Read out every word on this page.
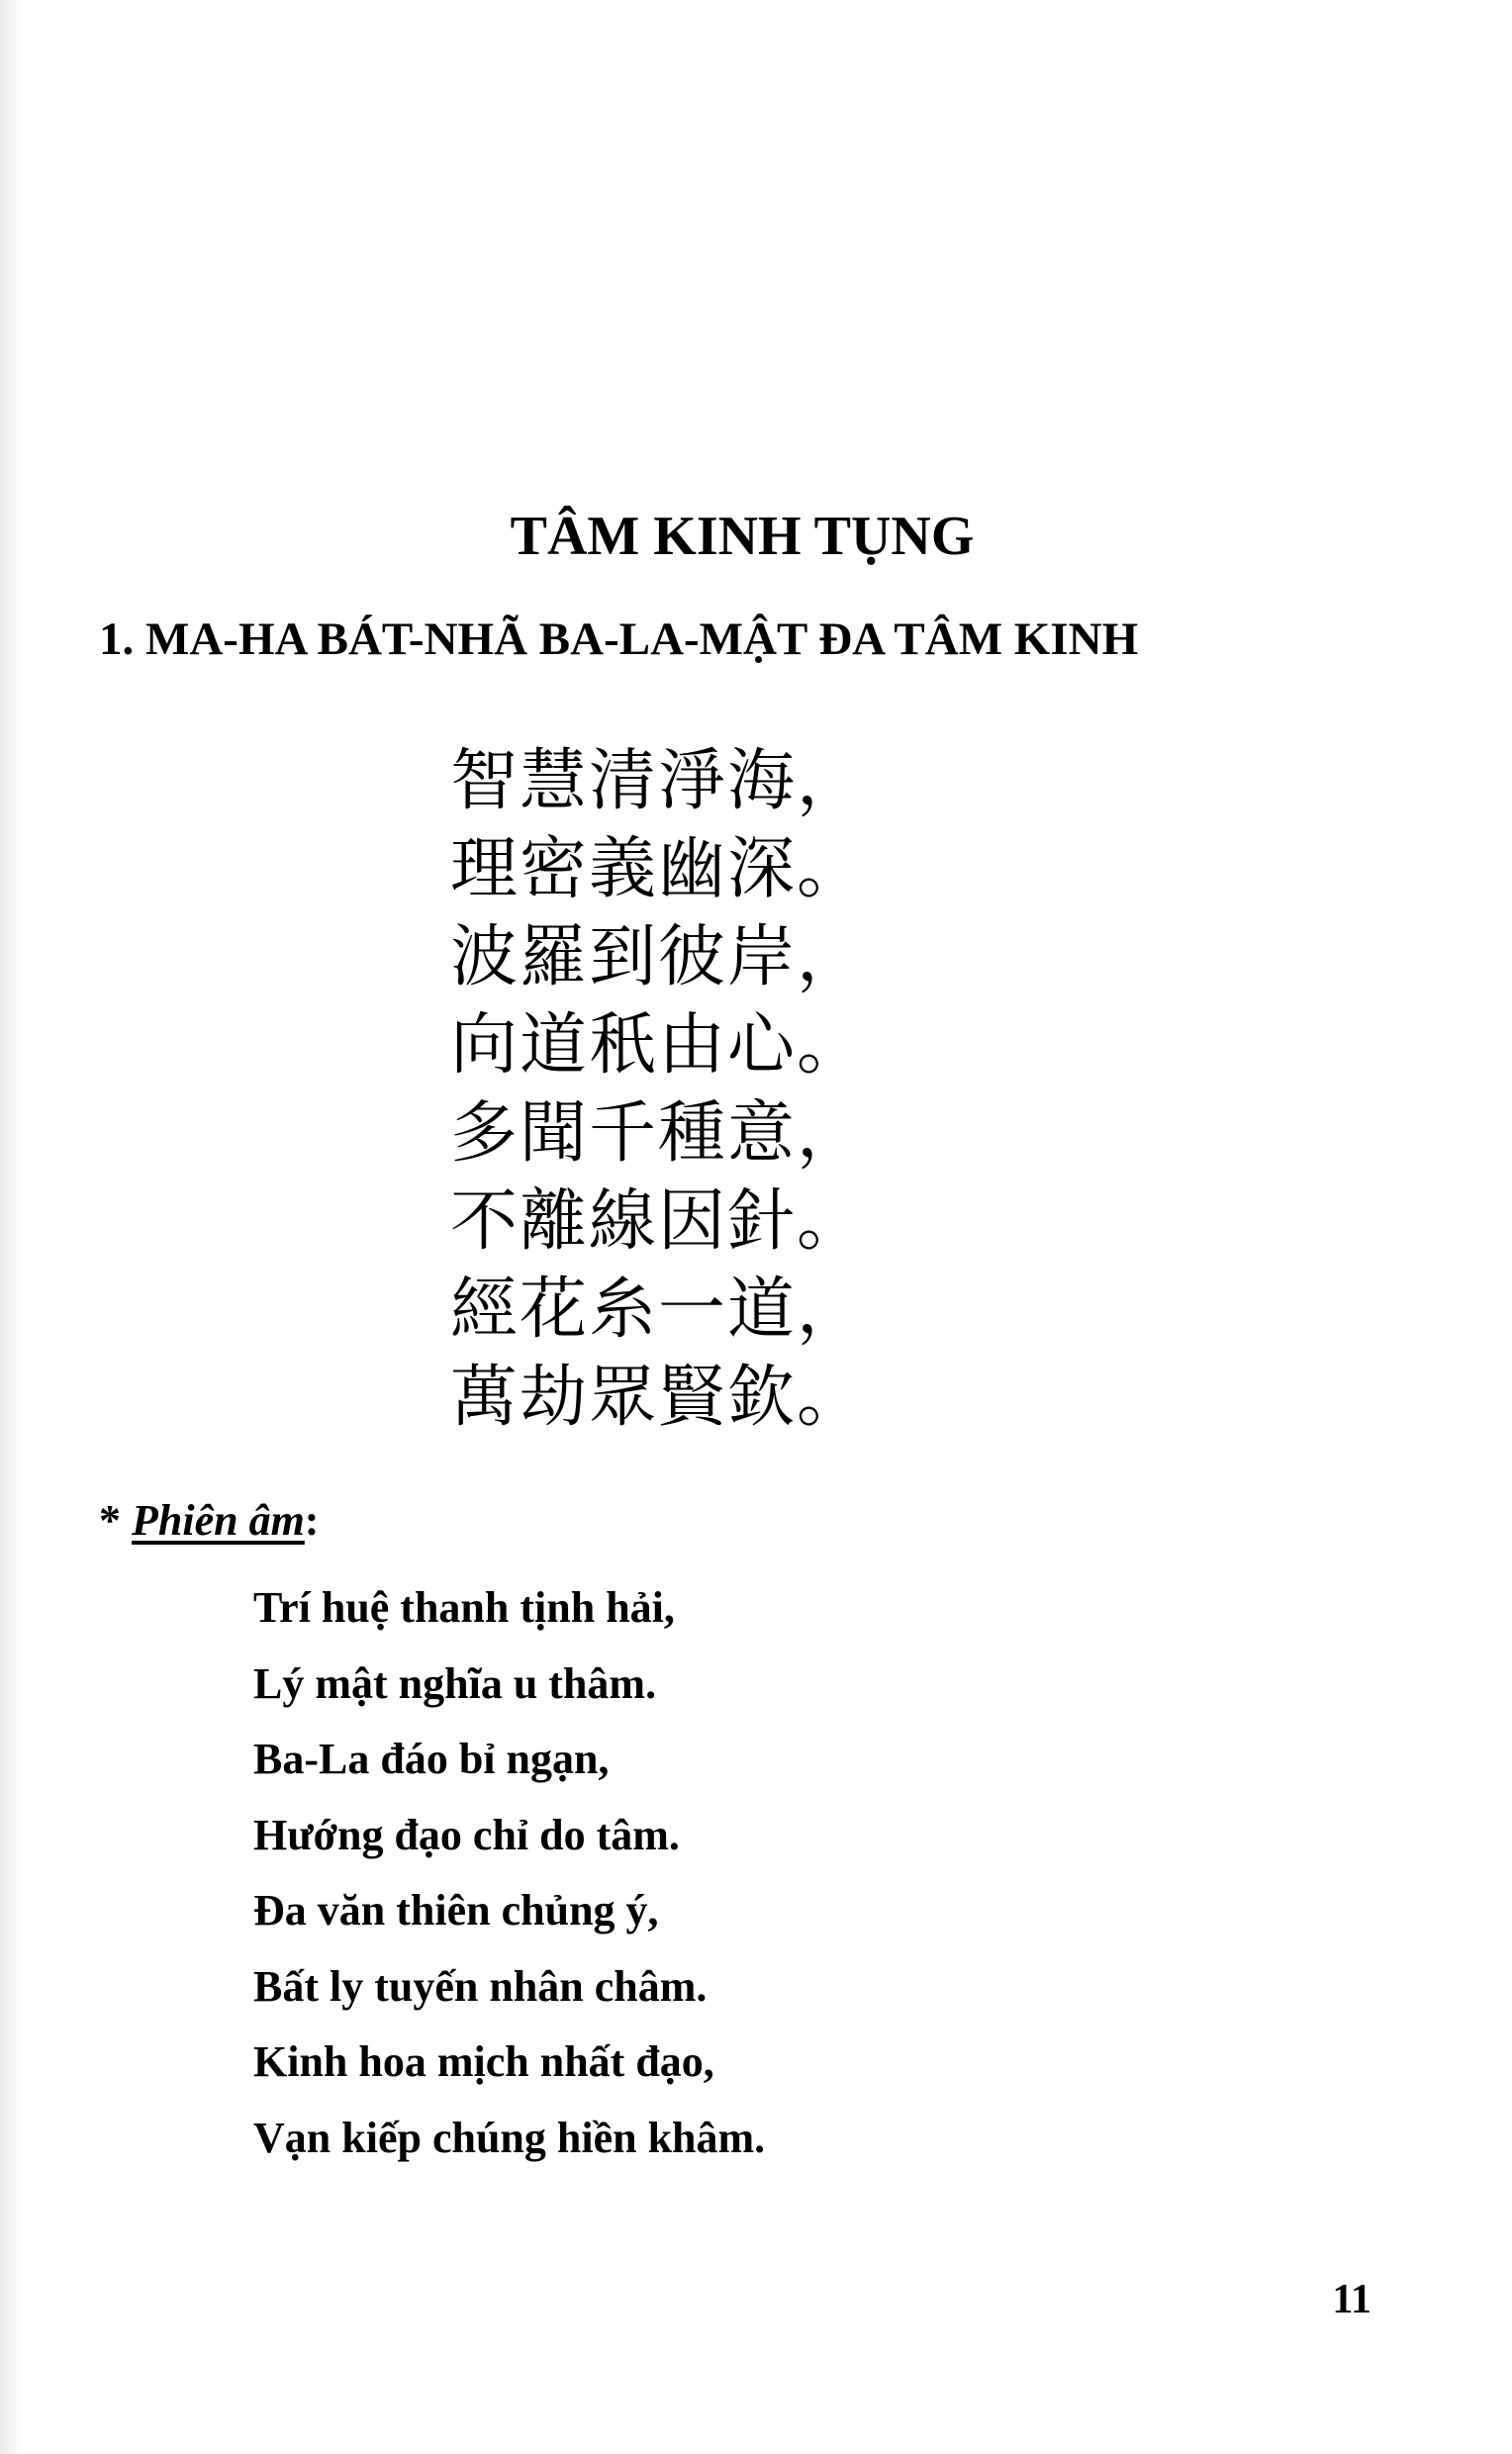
TÂM KINH TỤNG
1. MA-HA BÁT-NHÃ BA-LA-MẬT ĐA TÂM KINH
智慧清淨海，
理密義幽深。
波羅到彼岸，
向道秖由心。
多聞千種意，
不離線因針。
經花糸一道，
萬劫眾賢欽。
* Phiên âm:
Trí huệ thanh tịnh hải,
Lý mật nghĩa u thâm.
Ba-La đáo bỉ ngạn,
Hướng đạo chỉ do tâm.
Đa văn thiên chủng ý,
Bất ly tuyến nhân châm.
Kinh hoa mịch nhất đạo,
Vạn kiếp chúng hiền khâm.
11
